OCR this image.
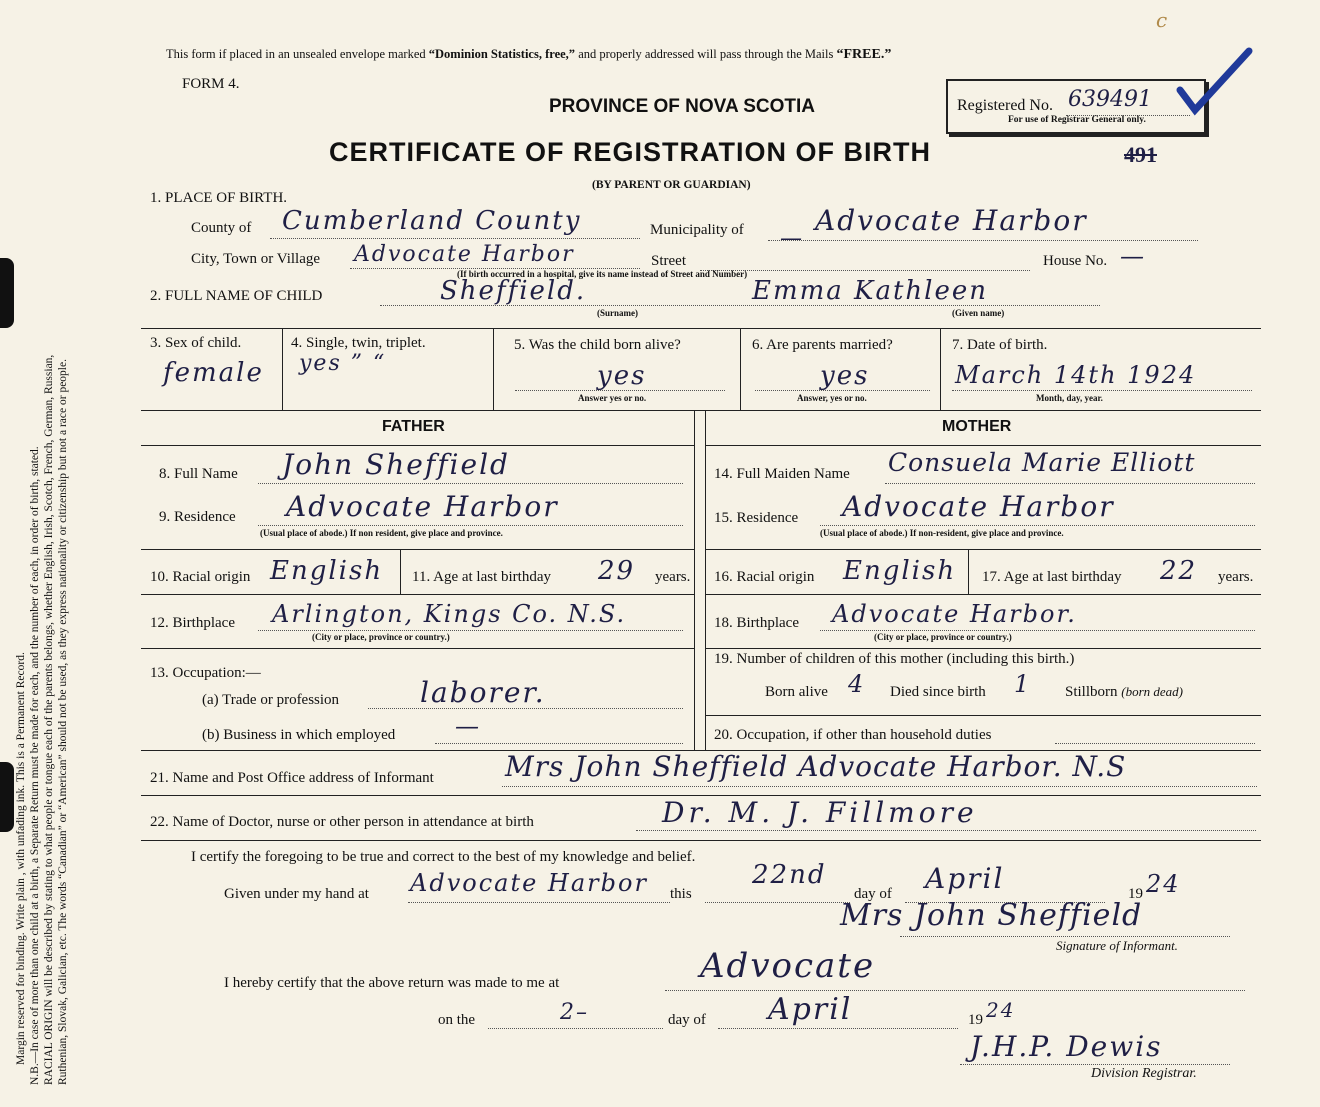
Margin reserved for binding. Write plain , with unfading ink. This is a Permanent Record. N.B.—In case of more than one child at a birth, a Separate Return must be made for each, and the number of each, in order of birth, stated. RACIAL ORIGIN will be described by stating to what people or tongue each of the parents belongs, whether English, Irish, Scotch, French, German, Russian, Ruthenian, Slovak, Galician, etc. The words “Canadian” or “American” should not be used, as they express nationality or citizenship but not a race or people.
This form if placed in an unsealed envelope marked “Dominion Statistics, free,” and properly addressed will pass through the Mails “FREE.”
FORM 4.
PROVINCE OF NOVA SCOTIA
CERTIFICATE OF REGISTRATION OF BIRTH	491
(BY PARENT OR GUARDIAN)
c
Registered No. 639491
For use of Registrar General only.
1. PLACE OF BIRTH.
County of Cumberland County	Municipality of	Advocate Harbor
City, Town or Village Advocate Harbor	Street
—
House No. —
(If birth occurred in a hospital, give its name instead of Street and Number)
2. FULL NAME OF CHILD	Sheffield.
(Surname)
Emma Kathleen
(Given name)
3. Sex of child.
female
4. Single, twin, triplet.
yes ” “
5. Was the child born alive?
yes
Answer yes or no.
6. Are parents married?
yes
Answer, yes or no.
7. Date of birth.
March 14th 1924
Month, day, year.
FATHER	MOTHER
8. Full Name John Sheffield
9. Residence Advocate Harbor
(Usual place of abode.) If non resident, give place and province.
10. Racial origin English 11. Age at last birthday 29 years.
12. Birthplace Arlington, Kings Co. N.S.
(City or place, province or country.)
13. Occupation:—
(a) Trade or profession	laborer.
(b) Business in which employed —
14. Full Maiden Name Consuela Marie Elliott
15. Residence Advocate Harbor
(Usual place of abode.) If non-resident, give place and province.
16. Racial origin English 17. Age at last birthday 22 years.
18. Birthplace Advocate Harbor.
(City or place, province or country.)
19. Number of children of this mother (including this birth.)
Born alive 4 Died since birth 1 Stillborn (born dead)
20. Occupation, if other than household duties
21. Name and Post Office address of Informant	Mrs John Sheffield Advocate Harbor. N.S
22. Name of Doctor, nurse or other person in attendance at birth	Dr. M. J. Fillmore
I certify the foregoing to be true and correct to the best of my knowledge and belief.
Given under my hand at Advocate Harbor this
22nd
day of April	19 24
Mrs John Sheffield
Signature of Informant.
I hereby certify that the above return was made to me at	Advocate
on the	2–	day of April	19 24
J.H.P. Dewis
Division Registrar.
